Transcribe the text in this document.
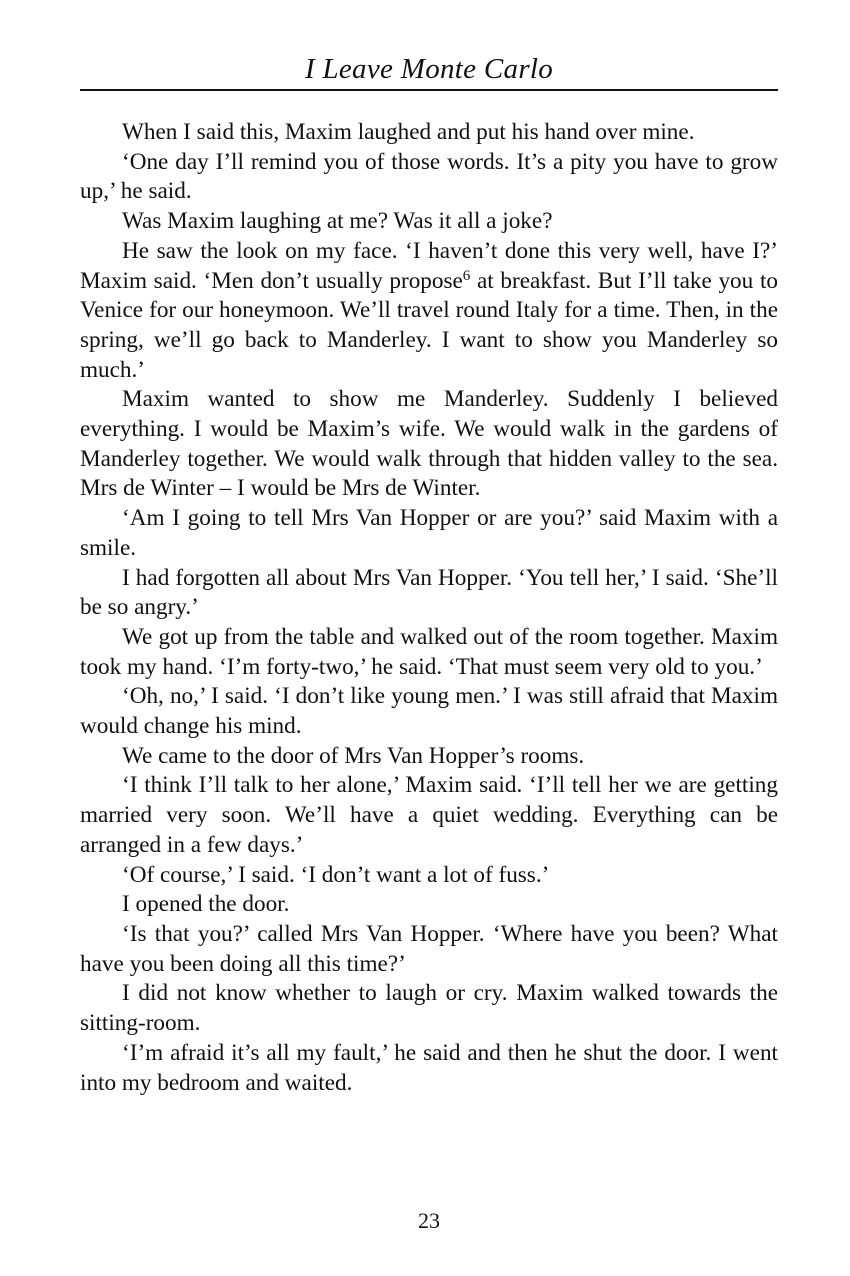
I Leave Monte Carlo

When I said this, Maxim laughed and put his hand over mine.

‘One day I’ll remind you of those words. It’s a pity you have to grow up,’ he said.

Was Maxim laughing at me? Was it all a joke?

He saw the look on my face. ‘I haven’t done this very well, have I?’ Maxim said. ‘Men don’t usually propose$^6$ at breakfast. But I’ll take you to Venice for our honeymoon. We’ll travel round Italy for a time. Then, in the spring, we’ll go back to Manderley. I want to show you Manderley so much.’

Maxim wanted to show me Manderley. Suddenly I believed everything. I would be Maxim’s wife. We would walk in the gardens of Manderley together. We would walk through that hidden valley to the sea. Mrs de Winter – I would be Mrs de Winter.

‘Am I going to tell Mrs Van Hopper or are you?’ said Maxim with a smile.

I had forgotten all about Mrs Van Hopper. ‘You tell her,’ I said. ‘She’ll be so angry.’

We got up from the table and walked out of the room together. Maxim took my hand. ‘I’m forty-two,’ he said. ‘That must seem very old to you.’

‘Oh, no,’ I said. ‘I don’t like young men.’ I was still afraid that Maxim would change his mind.

We came to the door of Mrs Van Hopper’s rooms.

‘I think I’ll talk to her alone,’ Maxim said. ‘I’ll tell her we are getting married very soon. We’ll have a quiet wedding. Everything can be arranged in a few days.’

‘Of course,’ I said. ‘I don’t want a lot of fuss.’

I opened the door.

‘Is that you?’ called Mrs Van Hopper. ‘Where have you been? What have you been doing all this time?’

I did not know whether to laugh or cry. Maxim walked towards the sitting-room.

‘I’m afraid it’s all my fault,’ he said and then he shut the door. I went into my bedroom and waited.

23
